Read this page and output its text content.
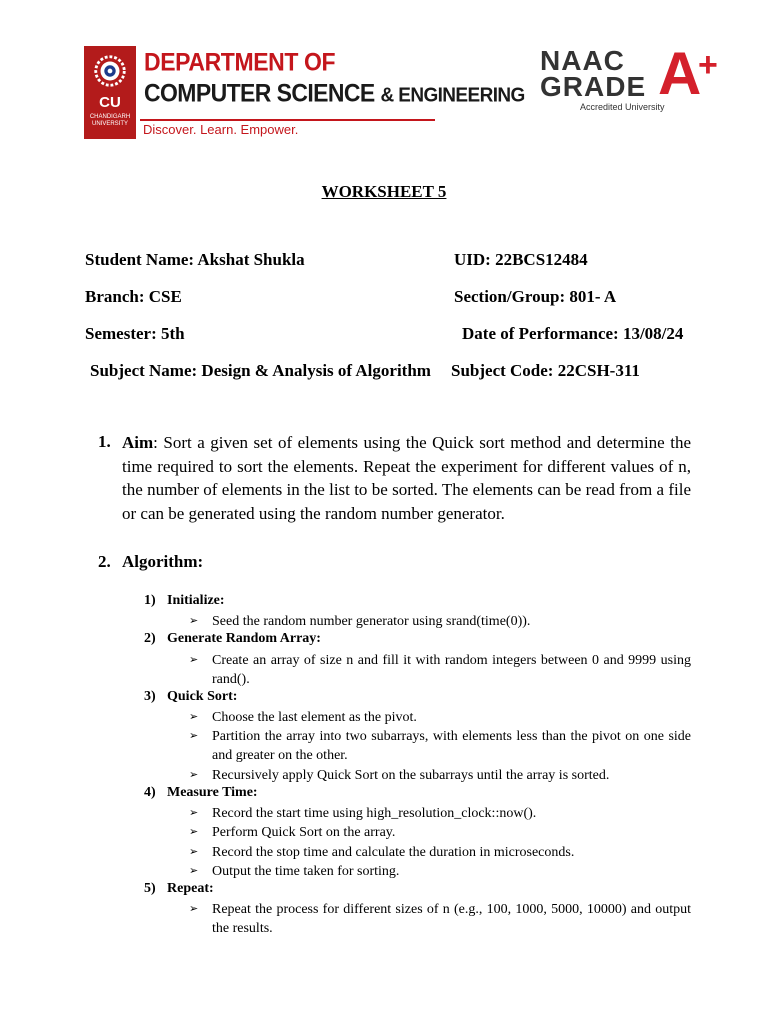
CU
CHANDIGARH UNIVERSITY
DEPARTMENT OF
COMPUTER SCIENCE & ENGINEERING
Discover. Learn. Empower.
NAAC
GRADE A
+
Accredited University
WORKSHEET 5
Student Name: Akshat Shukla	UID: 22BCS12484
Branch: CSE	Section/Group: 801- A
Semester: 5th	Date of Performance: 13/08/24
Subject Name: Design & Analysis of Algorithm Subject Code: 22CSH-311
1. Aim: Sort a given set of elements using the Quick sort method and determine the time required to sort the elements. Repeat the experiment for different values of n, the number of elements in the list to be sorted. The elements can be read from a file or can be generated using the random number generator.
2. Algorithm:
1) Initialize:
➢ Seed the random number generator using srand(time(0)).
2) Generate Random Array:
➢ Create an array of size n and fill it with random integers between 0 and 9999 using rand().
3) Quick Sort:
➢ Choose the last element as the pivot.
➢ Partition the array into two subarrays, with elements less than the pivot on one side and greater on the other.
➢ Recursively apply Quick Sort on the subarrays until the array is sorted.
4) Measure Time:
➢ Record the start time using high_resolution_clock::now().
➢ Perform Quick Sort on the array.
➢ Record the stop time and calculate the duration in microseconds.
➢ Output the time taken for sorting.
5) Repeat:
➢ Repeat the process for different sizes of n (e.g., 100, 1000, 5000, 10000) and output the results.
